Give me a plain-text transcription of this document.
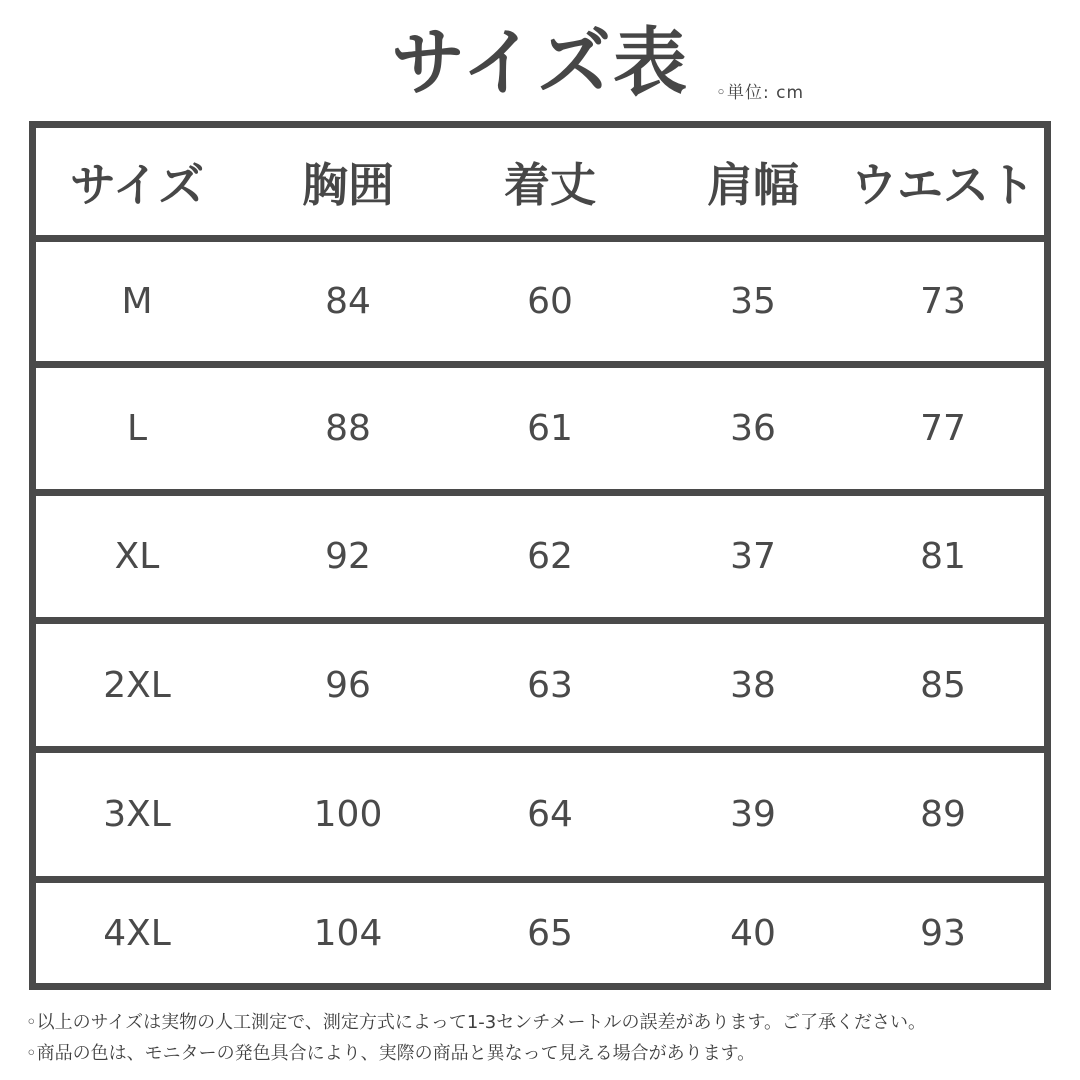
サイズ表	◦単位: cm
サイズ 胸囲 着丈 肩幅 ウエスト
M	84	60	35	73
L	88	61	36	77
XL	92	62	37	81
2XL	96	63	38	85
3XL	100	64	39	89
4XL	104	65	40	93
◦以上のサイズは実物の人工測定で、測定方式によって1-3センチメートルの誤差があります。ご了承ください。
◦商品の色は、モニターの発色具合により、実際の商品と異なって見える場合があります。
